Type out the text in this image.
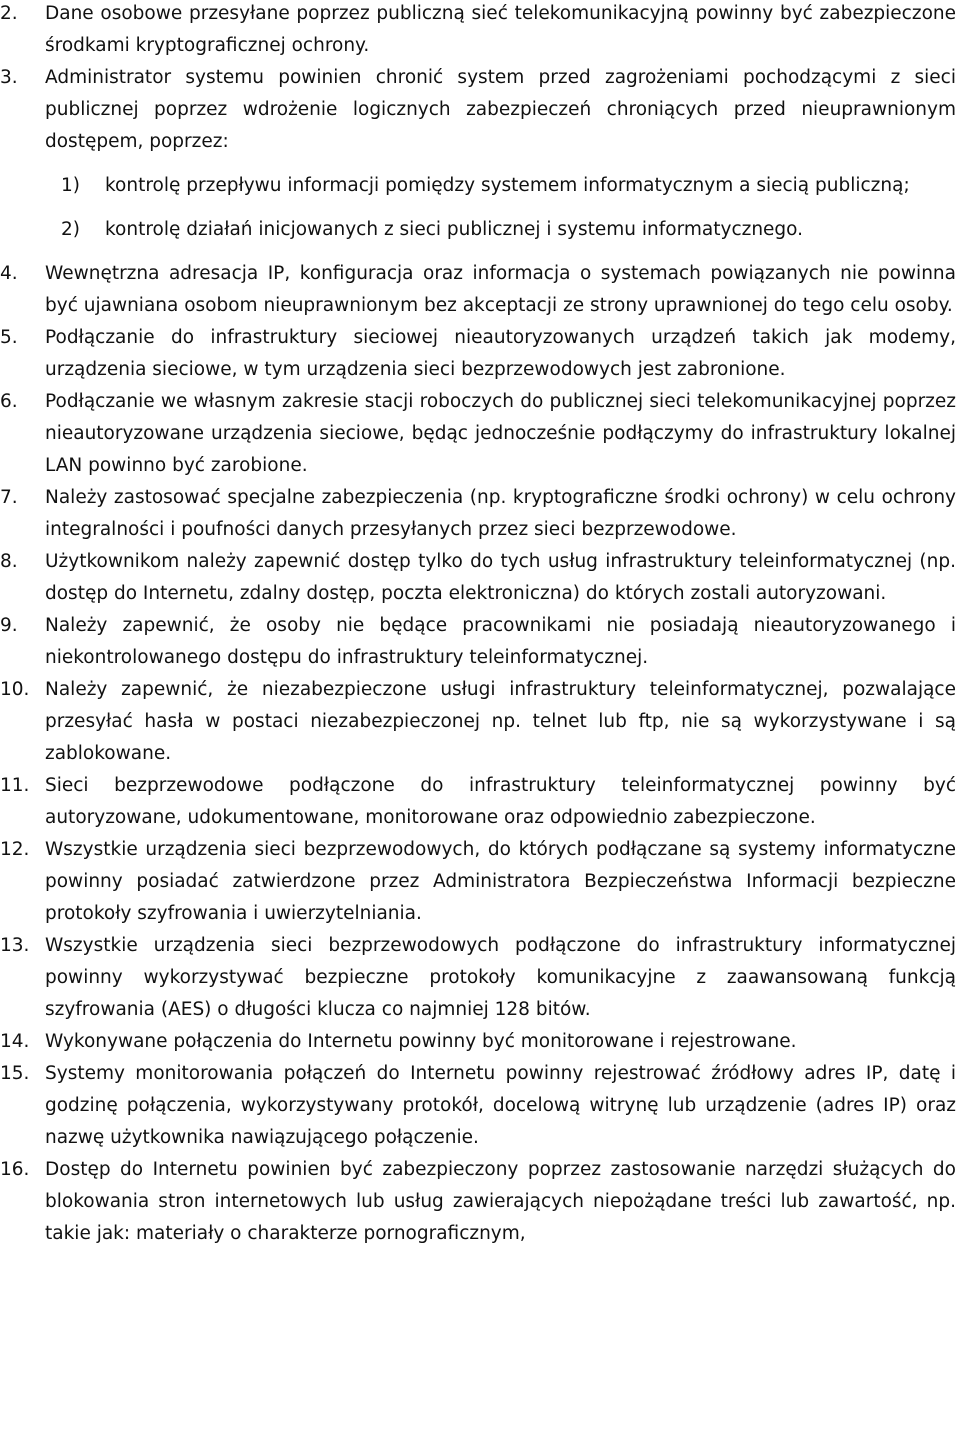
2. Dane osobowe przesyłane poprzez publiczną sieć telekomunikacyjną powinny być zabezpieczone środkami kryptograficznej ochrony.
3. Administrator systemu powinien chronić system przed zagrożeniami pochodzącymi z sieci publicznej poprzez wdrożenie logicznych zabezpieczeń chroniących przed nieuprawnionym dostępem, poprzez:
1) kontrolę przepływu informacji pomiędzy systemem informatycznym a siecią publiczną;
2) kontrolę działań inicjowanych z sieci publicznej i systemu informatycznego.
4. Wewnętrzna adresacja IP, konfiguracja oraz informacja o systemach powiązanych nie powinna być ujawniana osobom nieuprawnionym bez akceptacji ze strony uprawnionej do tego celu osoby.
5. Podłączanie do infrastruktury sieciowej nieautoryzowanych urządzeń takich jak modemy, urządzenia sieciowe, w tym urządzenia sieci bezprzewodowych jest zabronione.
6. Podłączanie we własnym zakresie stacji roboczych do publicznej sieci telekomunikacyjnej poprzez nieautoryzowane urządzenia sieciowe, będąc jednocześnie podłączymy do infrastruktury lokalnej LAN powinno być zarobione.
7. Należy zastosować specjalne zabezpieczenia (np. kryptograficzne środki ochrony) w celu ochrony integralności i poufności danych przesyłanych przez sieci bezprzewodowe.
8. Użytkownikom należy zapewnić dostęp tylko do tych usług infrastruktury teleinformatycznej (np. dostęp do Internetu, zdalny dostęp, poczta elektroniczna) do których zostali autoryzowani.
9. Należy zapewnić, że osoby nie będące pracownikami nie posiadają nieautoryzowanego i niekontrolowanego dostępu do infrastruktury teleinformatycznej.
10. Należy zapewnić, że niezabezpieczone usługi infrastruktury teleinformatycznej, pozwalające przesyłać hasła w postaci niezabezpieczonej np. telnet lub ftp, nie są wykorzystywane i są zablokowane.
11. Sieci bezprzewodowe podłączone do infrastruktury teleinformatycznej powinny być autoryzowane, udokumentowane, monitorowane oraz odpowiednio zabezpieczone.
12. Wszystkie urządzenia sieci bezprzewodowych, do których podłączane są systemy informatyczne powinny posiadać zatwierdzone przez Administratora Bezpieczeństwa Informacji bezpieczne protokoły szyfrowania i uwierzytelniania.
13. Wszystkie urządzenia sieci bezprzewodowych podłączone do infrastruktury informatycznej powinny wykorzystywać bezpieczne protokoły komunikacyjne z zaawansowaną funkcją szyfrowania (AES) o długości klucza co najmniej 128 bitów.
14. Wykonywane połączenia do Internetu powinny być monitorowane i rejestrowane.
15. Systemy monitorowania połączeń do Internetu powinny rejestrować źródłowy adres IP, datę i godzinę połączenia, wykorzystywany protokół, docelową witrynę lub urządzenie (adres IP) oraz nazwę użytkownika nawiązującego połączenie.
16. Dostęp do Internetu powinien być zabezpieczony poprzez zastosowanie narzędzi służących do blokowania stron internetowych lub usług zawierających niepożądane treści lub zawartość, np. takie jak: materiały o charakterze pornograficznym,
